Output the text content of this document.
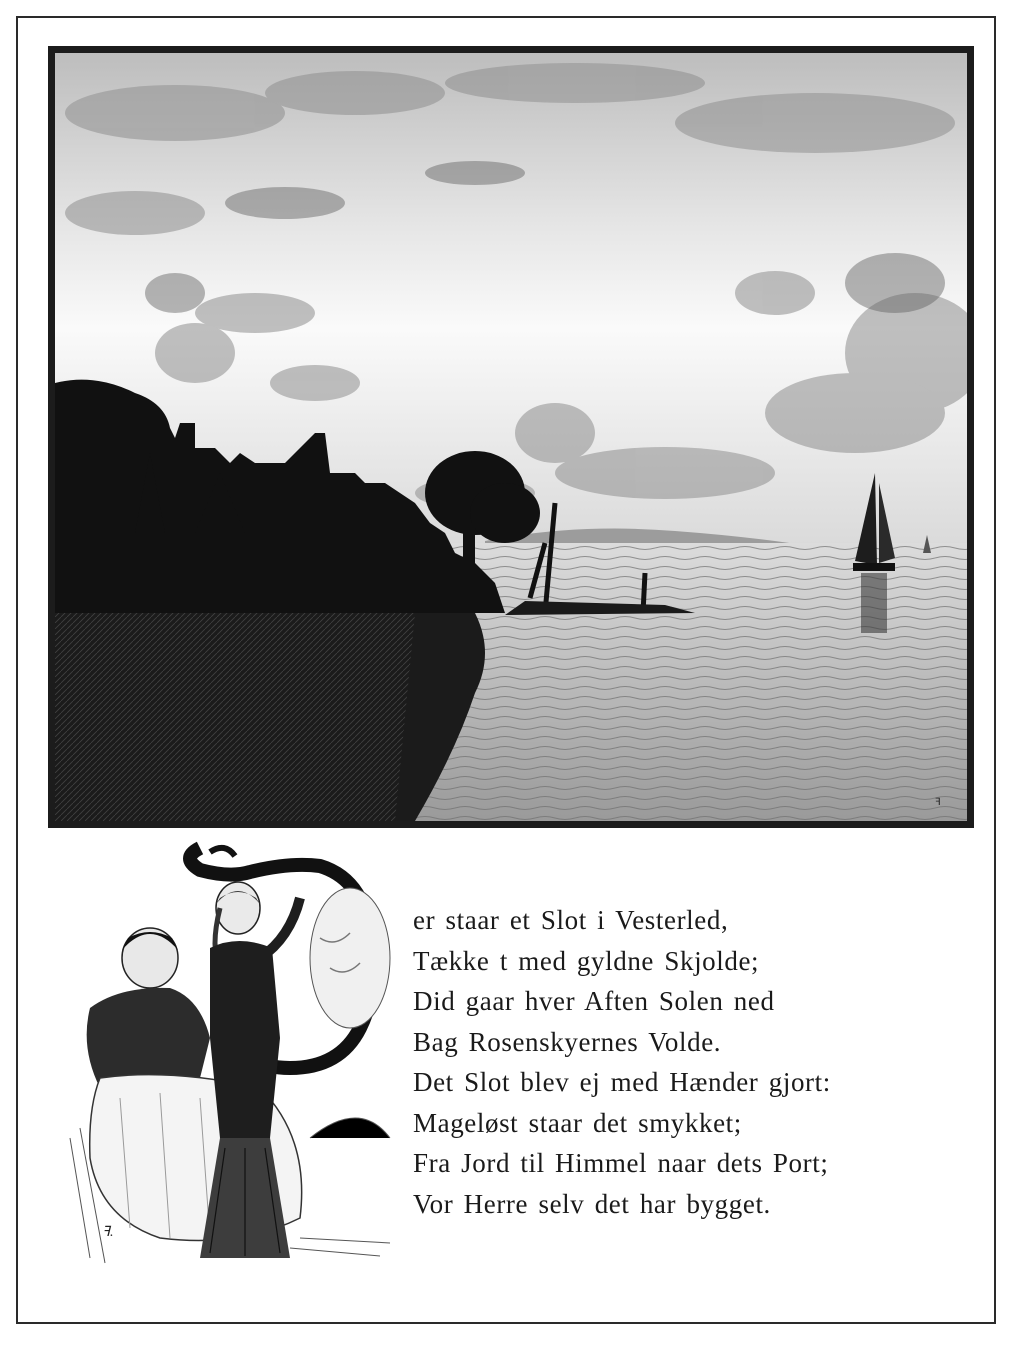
ꟻ
ꟻ.
er staar et Slot i Vesterled,
Tække t med gyldne Skjolde;
Did gaar hver Aften Solen ned
Bag Rosenskyernes Volde.
Det Slot blev ej med Hænder gjort:
Mageløst staar det smykket;
Fra Jord til Himmel naar dets Port;
Vor Herre selv det har bygget.
